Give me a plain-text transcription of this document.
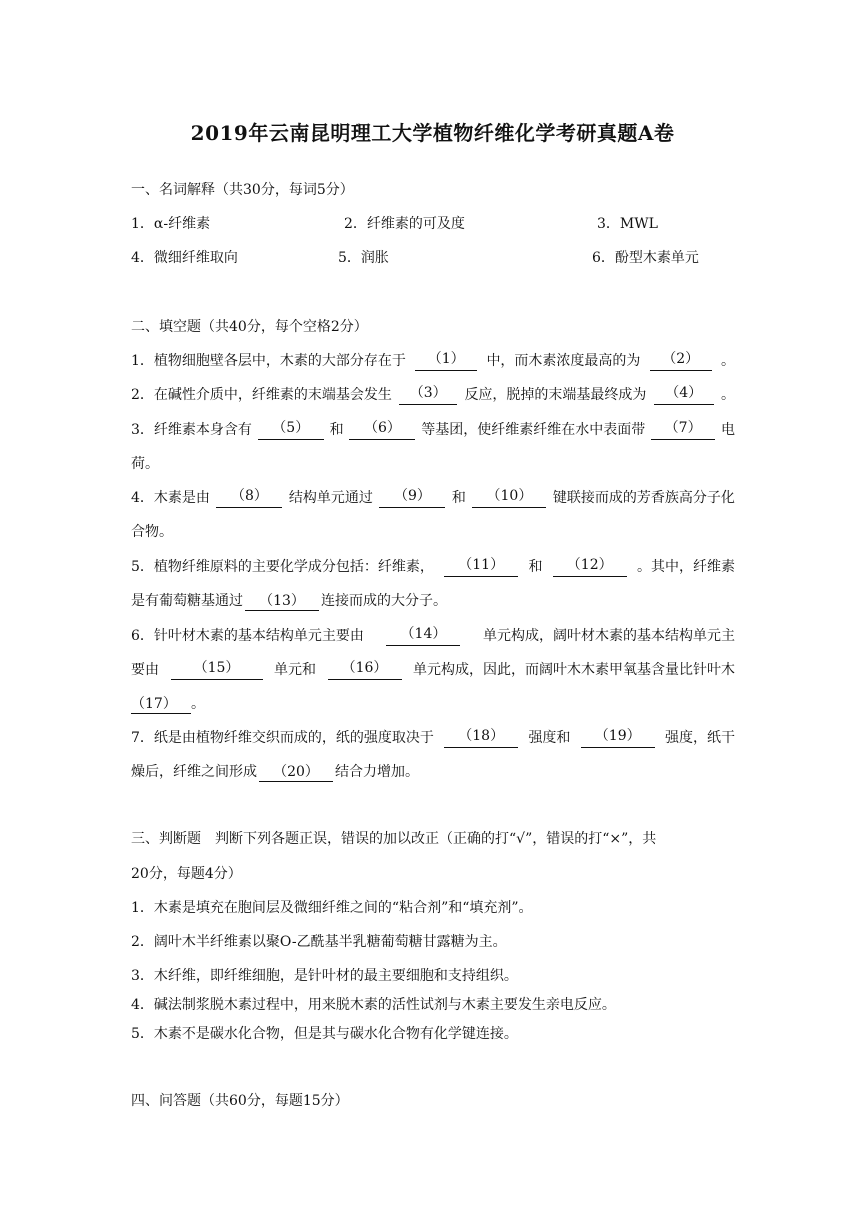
2019年云南昆明理工大学植物纤维化学考研真题A卷
一、名词解释（共30分，每词5分）
1．α-纤维素	2．纤维素的可及度	3．MWL
4．微细纤维取向	5．润胀	6．酚型木素单元
二、填空题（共40分，每个空格2分）
1．植物细胞壁各层中，木素的大部分存在于	（1）	中，而木素浓度最高的为	（2）	。
2．在碱性介质中，纤维素的末端基会发生	（3）	反应，脱掉的末端基最终成为	（4）	。
3．纤维素本身含有	（5）	和	（6）	等基团，使纤维素纤维在水中表面带	（7）	电
荷。
4．木素是由	（8）	结构单元通过	（9）	和	（10）	键联接而成的芳香族高分子化
合物。
5．植物纤维原料的主要化学成分包括：纤维素，	（11）	和	（12）	。其中，纤维素
是有葡萄糖基通过 （13） 连接而成的大分子。
6．针叶材木素的基本结构单元主要由	（14）	单元构成，阔叶材木素的基本结构单元主
要由	（15）	单元和	（16）	单元构成，因此，而阔叶木木素甲氧基含量比针叶木
（17） 。
7．纸是由植物纤维交织而成的，纸的强度取决于	（18）	强度和	（19）	强度，纸干
燥后，纤维之间形成 （20） 结合力增加。
三、判断题　判断下列各题正误，错误的加以改正（正确的打“√”，错误的打“×”，共
20分，每题4分）
1．木素是填充在胞间层及微细纤维之间的“粘合剂”和“填充剂”。
2．阔叶木半纤维素以聚O-乙酰基半乳糖葡萄糖甘露糖为主。
3．木纤维，即纤维细胞，是针叶材的最主要细胞和支持组织。
4．碱法制浆脱木素过程中，用来脱木素的活性试剂与木素主要发生亲电反应。
5．木素不是碳水化合物，但是其与碳水化合物有化学键连接。
四、问答题（共60分，每题15分）
